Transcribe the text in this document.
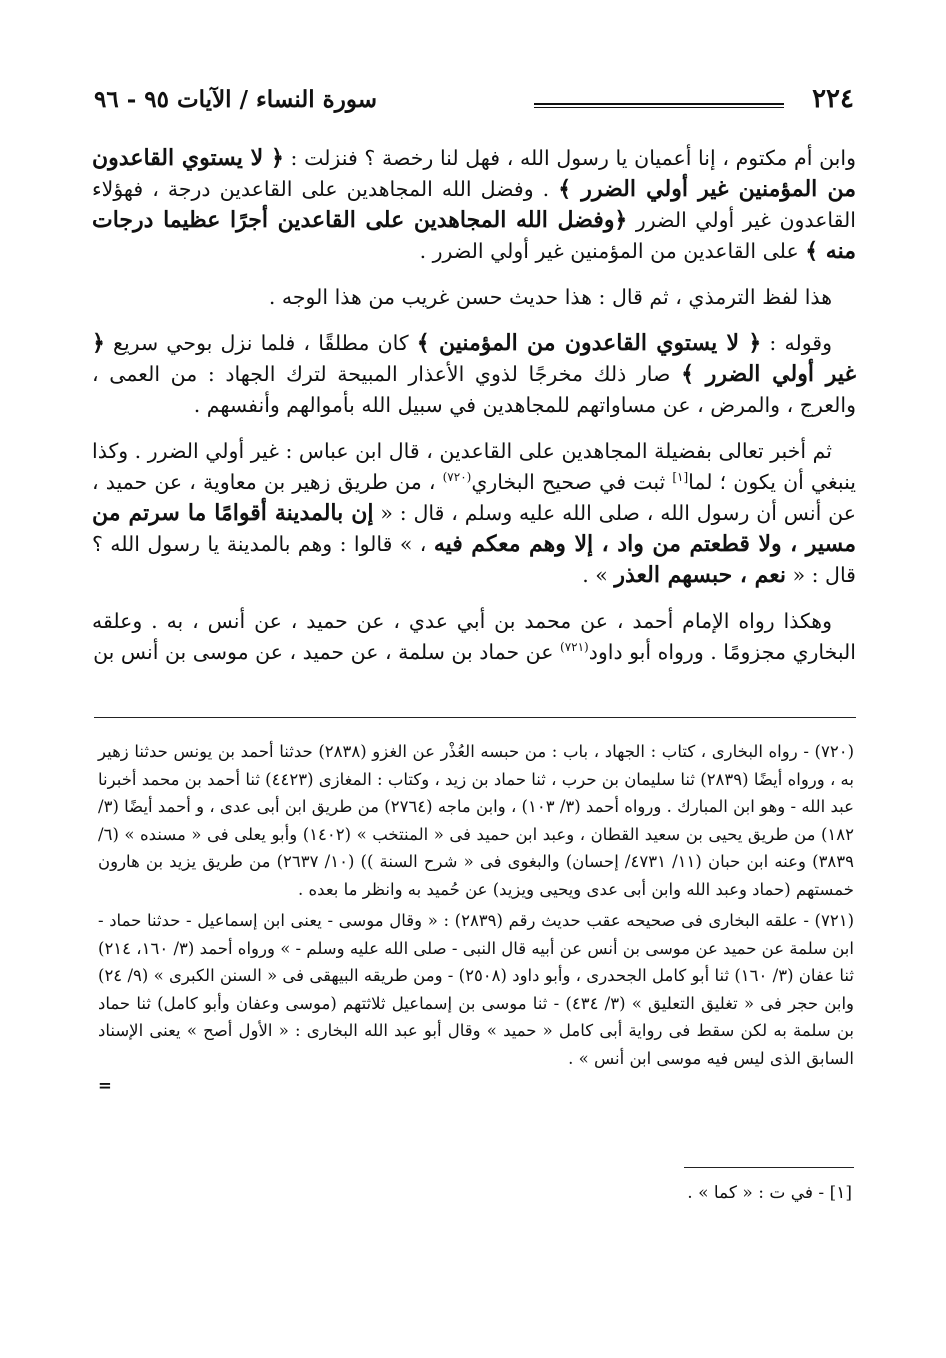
٢٢٤
سورة النساء / الآيات ٩٥ - ٩٦

وابن أم مكتوم ، إنا أعميان يا رسول الله ، فهل لنا رخصة ؟ فنزلت : ﴿ لا يستوي القاعدون من المؤمنين غير أولي الضرر ﴾ . وفضل الله المجاهدين على القاعدين درجة ، فهؤلاء القاعدون غير أولي الضرر ﴿وفضل الله المجاهدين على القاعدين أجرًا عظيما درجات منه ﴾ على القاعدين من المؤمنين غير أولي الضرر .

هذا لفظ الترمذي ، ثم قال : هذا حديث حسن غريب من هذا الوجه .

وقوله : ﴿ لا يستوي القاعدون من المؤمنين ﴾ كان مطلقًا ، فلما نزل بوحي سريع ﴿ غير أولي الضرر ﴾ صار ذلك مخرجًا لذوي الأعذار المبيحة لترك الجهاد : من العمى ، والعرج ، والمرض ، عن مساواتهم للمجاهدين في سبيل الله بأموالهم وأنفسهم .

ثم أخبر تعالى بفضيلة المجاهدين على القاعدين ، قال ابن عباس : غير أولي الضرر . وكذا ينبغي أن يكون ؛ لما[١] ثبت في صحيح البخاري$^{(٧٢٠)}$ ، من طريق زهير بن معاوية ، عن حميد ، عن أنس أن رسول الله ، صلى الله عليه وسلم ، قال : « إن بالمدينة أقوامًا ما سرتم من مسير ، ولا قطعتم من واد ، إلا وهم معكم فيه ، » قالوا : وهم بالمدينة يا رسول الله ؟ قال : « نعم ، حبسهم العذر » .

وهكذا رواه الإمام أحمد ، عن محمد بن أبي عدي ، عن حميد ، عن أنس ، به . وعلقه البخاري مجزومًا . ورواه أبو داود$^{(٧٢١)}$ عن حماد بن سلمة ، عن حميد ، عن موسى بن أنس بن

(٧٢٠) - رواه البخارى ، كتاب : الجهاد ، باب : من حبسه العُذْر عن الغزو (٢٨٣٨) حدثنا أحمد بن يونس حدثنا زهير به ، ورواه أيضًا (٢٨٣٩) ثنا سليمان بن حرب ، ثنا حماد بن زيد ، وكتاب : المغازى (٤٤٢٣) ثنا أحمد بن محمد أخبرنا عبد الله - وهو ابن المبارك . ورواه أحمد (٣/ ١٠٣) ، وابن ماجه (٢٧٦٤) من طريق ابن أبى عدى ، و أحمد أيضًا (٣/ ١٨٢) من طريق يحيى بن سعيد القطان ، وعبد ابن حميد فى « المنتخب » (١٤٠٢) وأبو يعلى فى « مسنده » (٦/ ٣٨٣٩) وعنه ابن حبان (١١/ ٤٧٣١/ إحسان) والبغوى فى « شرح السنة )) (١٠/ ٢٦٣٧) من طريق يزيد بن هارون خمستهم (حماد وعبد الله وابن أبى عدى ويحيى ويزيد) عن حُميد به وانظر ما بعده .

(٧٢١) - علقه البخارى فى صحيحه عقب حديث رقم (٢٨٣٩) : « وقال موسى - يعنى ابن إسماعيل - حدثنا حماد - ابن سلمة عن حميد عن موسى بن أنس عن أبيه قال النبى - صلى الله عليه وسلم - » ورواه أحمد (٣/ ١٦٠، ٢١٤) ثنا عفان (٣/ ١٦٠) ثنا أبو كامل الجحدرى ، وأبو داود (٢٥٠٨) - ومن طريقه البيهقى فى « السنن الكبرى » (٩/ ٢٤) وابن حجر فى « تغليق التعليق » (٣/ ٤٣٤) - ثنا موسى بن إسماعيل ثلاثتهم (موسى وعفان وأبو كامل) ثنا حماد بن سلمة به لكن سقط فى رواية أبى كامل « حميد » وقال أبو عبد الله البخارى : « الأول أصح » يعنى الإسناد السابق الذى ليس فيه موسى ابن أنس » .

=
[١] - في ت : « كما » .
